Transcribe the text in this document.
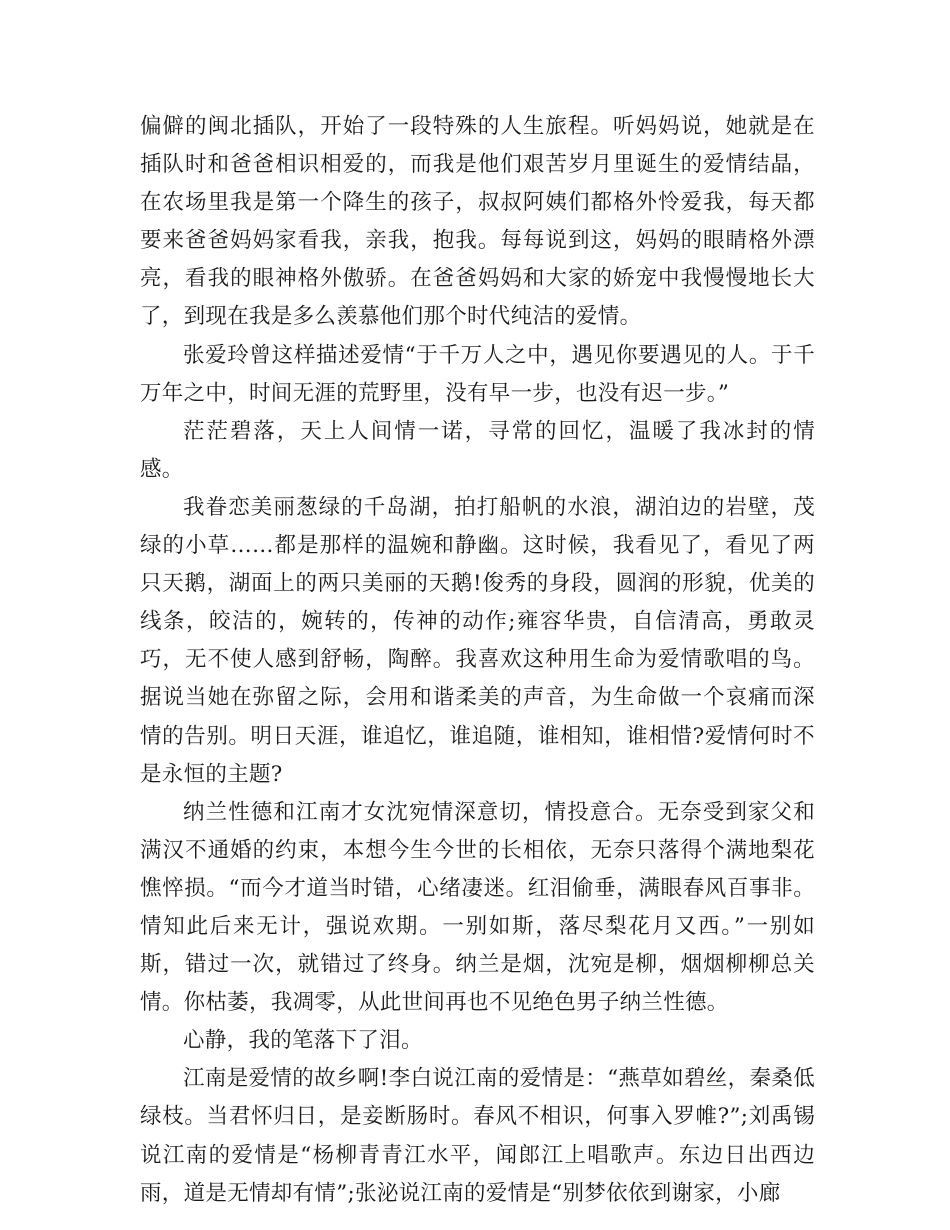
偏僻的闽北插队，开始了一段特殊的人生旅程。听妈妈说，她就是在插队时和爸爸相识相爱的，而我是他们艰苦岁月里诞生的爱情结晶，在农场里我是第一个降生的孩子，叔叔阿姨们都格外怜爱我，每天都要来爸爸妈妈家看我，亲我，抱我。每每说到这，妈妈的眼睛格外漂亮，看我的眼神格外傲骄。在爸爸妈妈和大家的娇宠中我慢慢地长大了，到现在我是多么羡慕他们那个时代纯洁的爱情。

张爱玲曾这样描述爱情“于千万人之中，遇见你要遇见的人。于千万年之中，时间无涯的荒野里，没有早一步，也没有迟一步。”

茫茫碧落，天上人间情一诺，寻常的回忆，温暖了我冰封的情感。

我眷恋美丽葱绿的千岛湖，拍打船帆的水浪，湖泊边的岩壁，茂绿的小草……都是那样的温婉和静幽。这时候，我看见了，看见了两只天鹅，湖面上的两只美丽的天鹅!俊秀的身段，圆润的形貌，优美的线条，皎洁的，婉转的，传神的动作;雍容华贵，自信清高，勇敢灵巧，无不使人感到舒畅，陶醉。我喜欢这种用生命为爱情歌唱的鸟。据说当她在弥留之际，会用和谐柔美的声音，为生命做一个哀痛而深情的告别。明日天涯，谁追忆，谁追随，谁相知，谁相惜?爱情何时不是永恒的主题?

纳兰性德和江南才女沈宛情深意切，情投意合。无奈受到家父和满汉不通婚的约束，本想今生今世的长相依，无奈只落得个满地梨花憔悴损。“而今才道当时错，心绪凄迷。红泪偷垂，满眼春风百事非。情知此后来无计，强说欢期。一别如斯，落尽梨花月又西。”一别如斯，错过一次，就错过了终身。纳兰是烟，沈宛是柳，烟烟柳柳总关情。你枯萎，我凋零，从此世间再也不见绝色男子纳兰性德。

心静，我的笔落下了泪。

江南是爱情的故乡啊!李白说江南的爱情是：“燕草如碧丝，秦桑低绿枝。当君怀归日，是妾断肠时。春风不相识，何事入罗帷?”;刘禹锡说江南的爱情是“杨柳青青江水平，闻郎江上唱歌声。东边日出西边雨，道是无情却有情”;张泌说江南的爱情是“别梦依依到谢家，小廊
